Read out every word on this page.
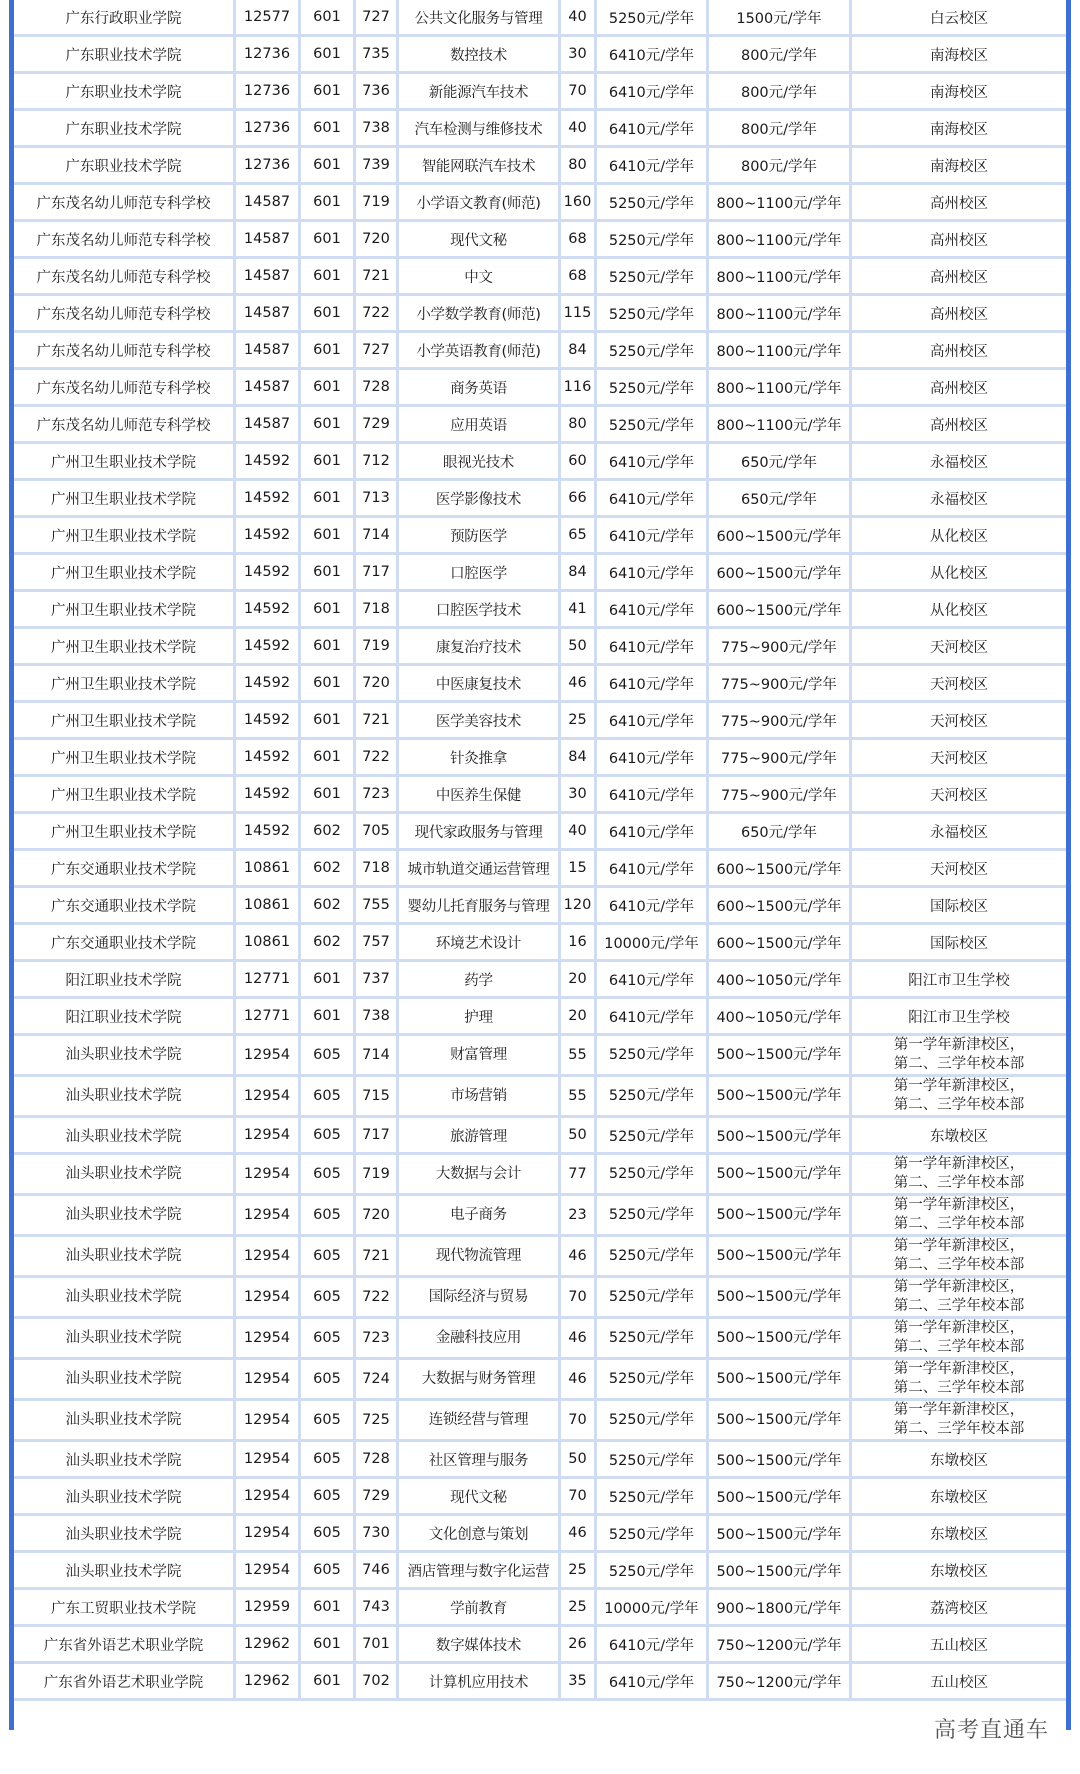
广东行政职业学院	12577	601	727	公共文化服务与管理	40	5250元/学年	1500元/学年	白云校区
广东职业技术学院	12736	601	735	数控技术	30	6410元/学年	800元/学年	南海校区
广东职业技术学院	12736	601	736	新能源汽车技术	70	6410元/学年	800元/学年	南海校区
广东职业技术学院	12736	601	738	汽车检测与维修技术	40	6410元/学年	800元/学年	南海校区
广东职业技术学院	12736	601	739	智能网联汽车技术	80	6410元/学年	800元/学年	南海校区
广东茂名幼儿师范专科学校	14587	601	719	小学语文教育(师范)	160	5250元/学年	800~1100元/学年	高州校区
广东茂名幼儿师范专科学校	14587	601	720	现代文秘	68	5250元/学年	800~1100元/学年	高州校区
广东茂名幼儿师范专科学校	14587	601	721	中文	68	5250元/学年	800~1100元/学年	高州校区
广东茂名幼儿师范专科学校	14587	601	722	小学数学教育(师范)	115	5250元/学年	800~1100元/学年	高州校区
广东茂名幼儿师范专科学校	14587	601	727	小学英语教育(师范)	84	5250元/学年	800~1100元/学年	高州校区
广东茂名幼儿师范专科学校	14587	601	728	商务英语	116	5250元/学年	800~1100元/学年	高州校区
广东茂名幼儿师范专科学校	14587	601	729	应用英语	80	5250元/学年	800~1100元/学年	高州校区
广州卫生职业技术学院	14592	601	712	眼视光技术	60	6410元/学年	650元/学年	永福校区
广州卫生职业技术学院	14592	601	713	医学影像技术	66	6410元/学年	650元/学年	永福校区
广州卫生职业技术学院	14592	601	714	预防医学	65	6410元/学年	600~1500元/学年	从化校区
广州卫生职业技术学院	14592	601	717	口腔医学	84	6410元/学年	600~1500元/学年	从化校区
广州卫生职业技术学院	14592	601	718	口腔医学技术	41	6410元/学年	600~1500元/学年	从化校区
广州卫生职业技术学院	14592	601	719	康复治疗技术	50	6410元/学年	775~900元/学年	天河校区
广州卫生职业技术学院	14592	601	720	中医康复技术	46	6410元/学年	775~900元/学年	天河校区
广州卫生职业技术学院	14592	601	721	医学美容技术	25	6410元/学年	775~900元/学年	天河校区
广州卫生职业技术学院	14592	601	722	针灸推拿	84	6410元/学年	775~900元/学年	天河校区
广州卫生职业技术学院	14592	601	723	中医养生保健	30	6410元/学年	775~900元/学年	天河校区
广州卫生职业技术学院	14592	602	705	现代家政服务与管理	40	6410元/学年	650元/学年	永福校区
广东交通职业技术学院	10861	602	718	城市轨道交通运营管理	15	6410元/学年	600~1500元/学年	天河校区
广东交通职业技术学院	10861	602	755	婴幼儿托育服务与管理	120	6410元/学年	600~1500元/学年	国际校区
广东交通职业技术学院	10861	602	757	环境艺术设计	16	10000元/学年	600~1500元/学年	国际校区
阳江职业技术学院	12771	601	737	药学	20	6410元/学年	400~1050元/学年	阳江市卫生学校
阳江职业技术学院	12771	601	738	护理	20	6410元/学年	400~1050元/学年	阳江市卫生学校
汕头职业技术学院	12954	605	714	财富管理	55	5250元/学年	500~1500元/学年	第一学年新津校区，
第二、三学年校本部
汕头职业技术学院	12954	605	715	市场营销	55	5250元/学年	500~1500元/学年	第一学年新津校区，
第二、三学年校本部
汕头职业技术学院	12954	605	717	旅游管理	50	5250元/学年	500~1500元/学年	东墩校区
汕头职业技术学院	12954	605	719	大数据与会计	77	5250元/学年	500~1500元/学年	第一学年新津校区，
第二、三学年校本部
汕头职业技术学院	12954	605	720	电子商务	23	5250元/学年	500~1500元/学年	第一学年新津校区，
第二、三学年校本部
汕头职业技术学院	12954	605	721	现代物流管理	46	5250元/学年	500~1500元/学年	第一学年新津校区，
第二、三学年校本部
汕头职业技术学院	12954	605	722	国际经济与贸易	70	5250元/学年	500~1500元/学年	第一学年新津校区，
第二、三学年校本部
汕头职业技术学院	12954	605	723	金融科技应用	46	5250元/学年	500~1500元/学年	第一学年新津校区，
第二、三学年校本部
汕头职业技术学院	12954	605	724	大数据与财务管理	46	5250元/学年	500~1500元/学年	第一学年新津校区，
第二、三学年校本部
汕头职业技术学院	12954	605	725	连锁经营与管理	70	5250元/学年	500~1500元/学年	第一学年新津校区，
第二、三学年校本部
汕头职业技术学院	12954	605	728	社区管理与服务	50	5250元/学年	500~1500元/学年	东墩校区
汕头职业技术学院	12954	605	729	现代文秘	70	5250元/学年	500~1500元/学年	东墩校区
汕头职业技术学院	12954	605	730	文化创意与策划	46	5250元/学年	500~1500元/学年	东墩校区
汕头职业技术学院	12954	605	746	酒店管理与数字化运营	25	5250元/学年	500~1500元/学年	东墩校区
广东工贸职业技术学院	12959	601	743	学前教育	25	10000元/学年	900~1800元/学年	荔湾校区
广东省外语艺术职业学院	12962	601	701	数字媒体技术	26	6410元/学年	750~1200元/学年	五山校区
广东省外语艺术职业学院	12962	601	702	计算机应用技术	35	6410元/学年	750~1200元/学年	五山校区
高考直通车
